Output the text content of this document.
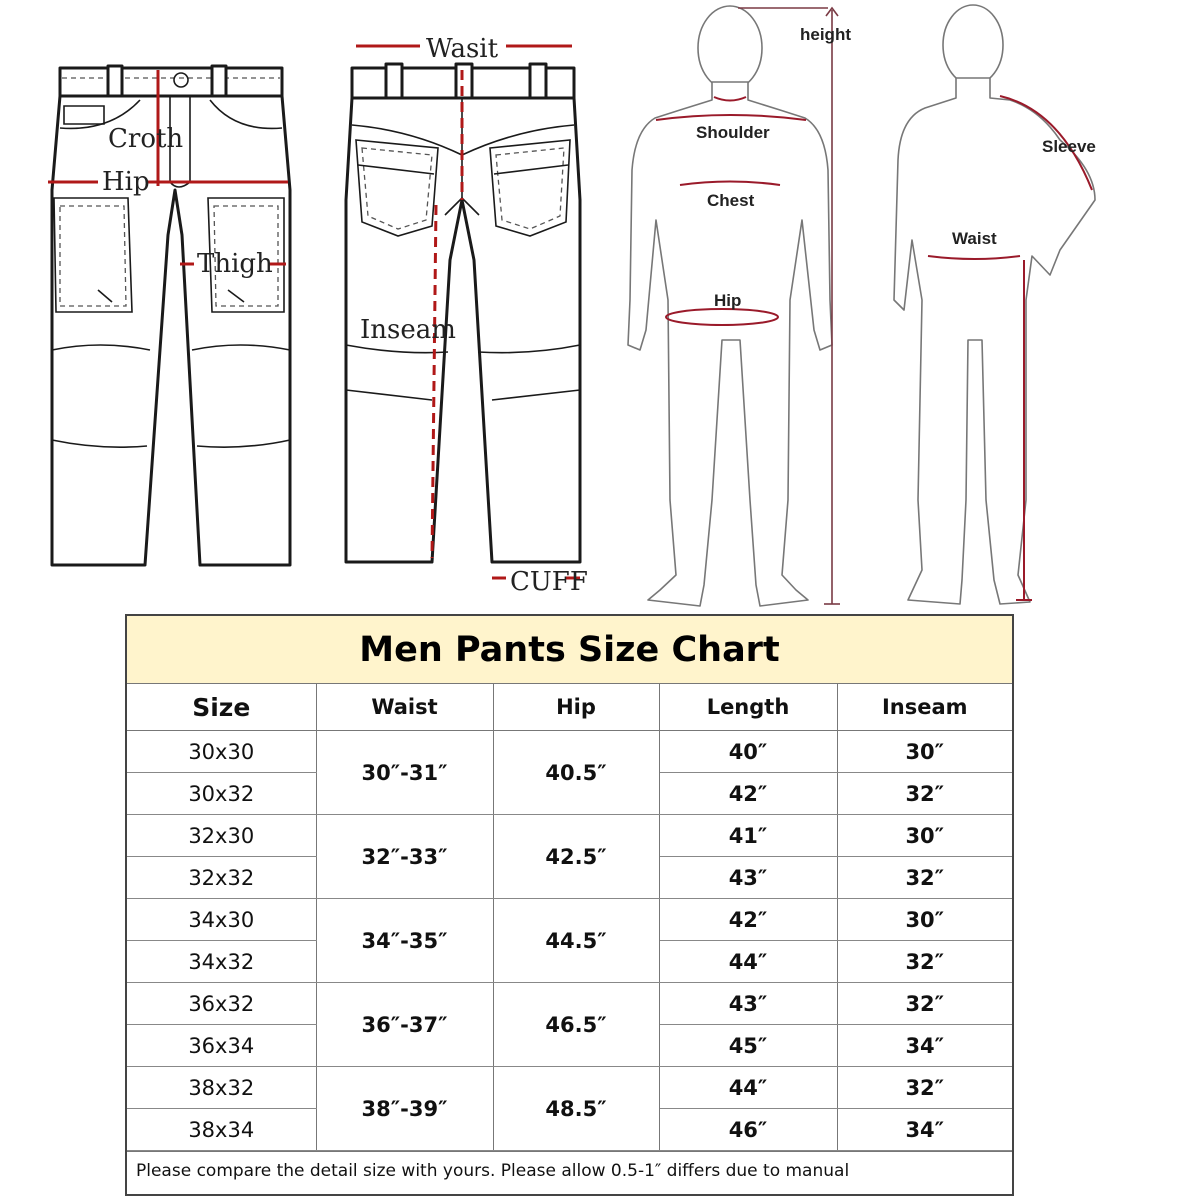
Croth
Hip
Thigh
Wasit
Inseam
CUFF
height
Shoulder
Chest
Hip
Sleeve
Waist
Men Pants Size Chart
Size	Waist	Hip	Length	Inseam
30x30	30″-31″	40.5″	40″	30″
30x32			42″	32″
32x30	32″-33″	42.5″	41″	30″
32x32			43″	32″
34x30	34″-35″	44.5″	42″	30″
34x32			44″	32″
36x32	36″-37″	46.5″	43″	32″
36x34			45″	34″
38x32	38″-39″	48.5″	44″	32″
38x34			46″	34″
Please compare the detail size with yours. Please allow 0.5-1″ differs due to manual
